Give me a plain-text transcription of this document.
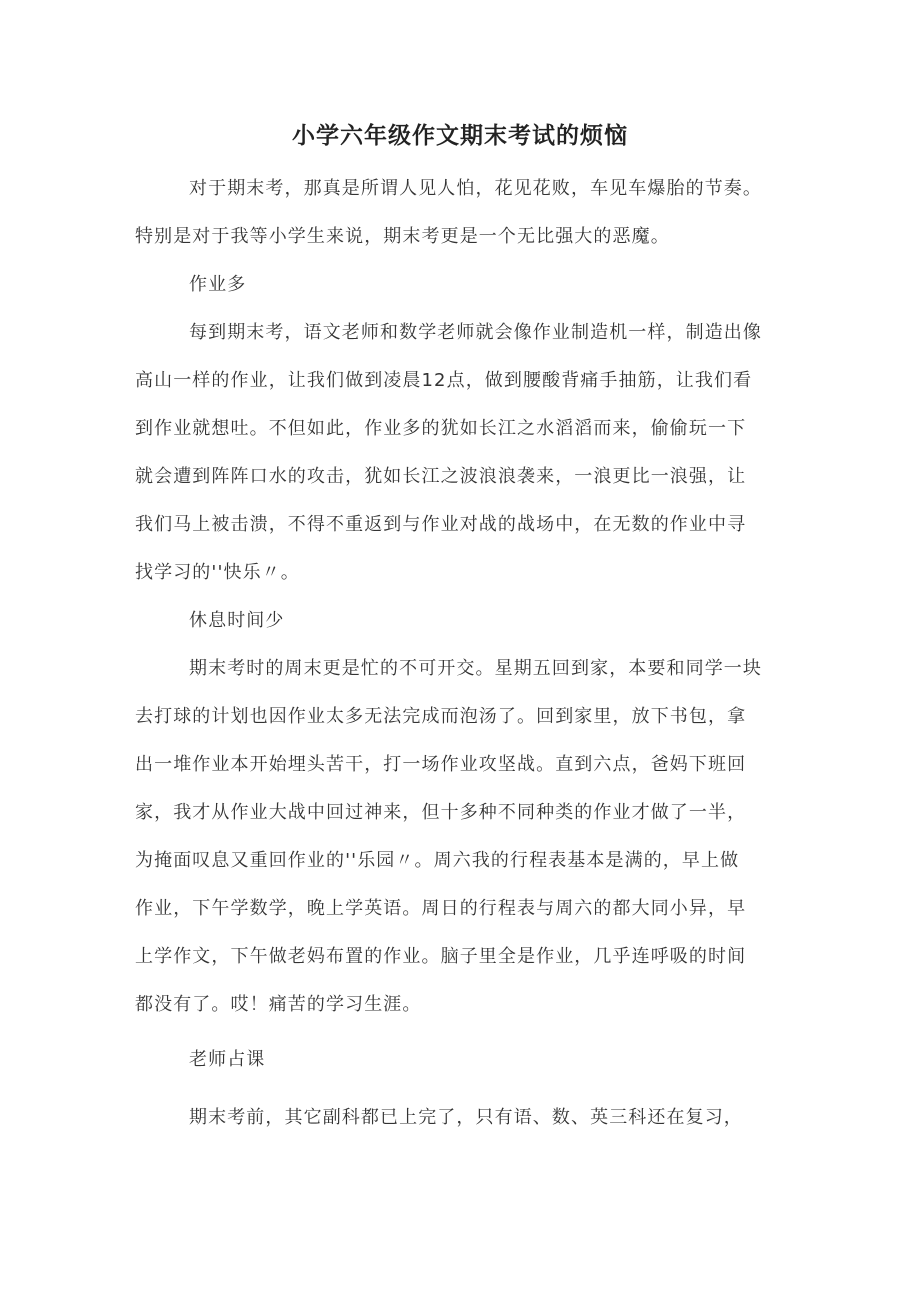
小学六年级作文期末考试的烦恼

对于期末考，那真是所谓人见人怕，花见花败，车见车爆胎的节奏。

特别是对于我等小学生来说，期末考更是一个无比强大的恶魔。

作业多

每到期末考，语文老师和数学老师就会像作业制造机一样，制造出像

高山一样的作业，让我们做到凌晨12点，做到腰酸背痛手抽筋，让我们看

到作业就想吐。不但如此，作业多的犹如长江之水滔滔而来，偷偷玩一下

就会遭到阵阵口水的攻击，犹如长江之波浪浪袭来，一浪更比一浪强，让

我们马上被击溃，不得不重返到与作业对战的战场中，在无数的作业中寻

找学习的''快乐〃。

休息时间少

期末考时的周末更是忙的不可开交。星期五回到家，本要和同学一块

去打球的计划也因作业太多无法完成而泡汤了。回到家里，放下书包，拿

出一堆作业本开始埋头苦干，打一场作业攻坚战。直到六点，爸妈下班回

家，我才从作业大战中回过神来，但十多种不同种类的作业才做了一半，

为掩面叹息又重回作业的''乐园〃。周六我的行程表基本是满的，早上做

作业，下午学数学，晚上学英语。周日的行程表与周六的都大同小异，早

上学作文，下午做老妈布置的作业。脑子里全是作业，几乎连呼吸的时间

都没有了。哎！痛苦的学习生涯。

老师占课

期末考前，其它副科都已上完了，只有语、数、英三科还在复习，
